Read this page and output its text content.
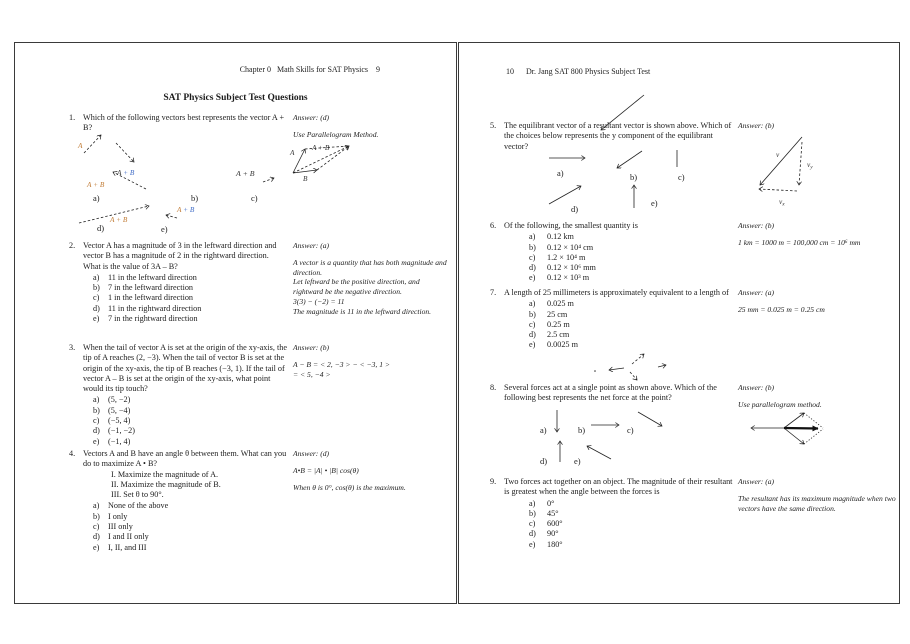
Chapter 0   Math Skills for SAT Physics    9
SAT Physics Subject Test Questions
1. Which of the following vectors best represents the vector A + B?
Answer: (d)
Use Parallelogram Method.
2. Vector A has a magnitude of 3 in the leftward direction and vector B has a magnitude of 2 in the rightward direction. What is the value of 3A – B?
a)	11 in the leftward direction
b) 7 in the leftward direction
c)	1 in the leftward direction
d) 11 in the rightward direction
e)	7 in the rightward direction
Answer: (a)
A vector is a quantity that has both magnitude and direction.
Let leftward be the positive direction, and rightward be the negative direction.
3(3) − (−2) = 11
The magnitude is 11 in the leftward direction.
3. When the tail of vector A is set at the origin of the xy-axis, the tip of A reaches (2, −3). When the tail of vector B is set at the origin of the xy-axis, the tip of B reaches (−3, 1). If the tail of vector A – B is set at the origin of the xy-axis, what point would its tip touch?
a)	(5, −2)
b) (5, −4)
c)	(−5, 4)
d) (−1, −2)
e)	(−1, 4)
Answer: (b)
A − B = < 2, −3 > − < −3, 1 >
= < 5, −4 >
4. Vectors A and B have an angle θ between them. What can you do to maximize A • B?
I. Maximize the magnitude of A.
II. Maximize the magnitude of B.
III. Set θ to 90°.
a)	None of the above
b) I only
c)	III only
d) I and II only
e)	I, II, and III
Answer: (d)
A•B = |A| • |B| cos(θ)
When θ is 0°, cos(θ) is the maximum.
A
A + B
A + B
A + B
A + B
A + B
a)	b)	c)
d)	e)
A
A + B
B
10      Dr. Jang SAT 800 Physics Subject Test
5. The equilibrant vector of a resultant vector is shown above. Which of the choices below represents the y component of the equilibrant vector?
Answer: (b)
6. Of the following, the smallest quantity is
a)	0.12 km
b)	0.12 × 10⁴ cm
c)	1.2 × 10⁴ m
d)	0.12 × 10⁶ mm
e)	0.12 × 10³ m
Answer: (b)
1 km = 1000 m = 100,000 cm = 10⁶ mm
7. A length of 25 millimeters is approximately equivalent to a length of
a)	0.025 m
b)	25 cm
c)	0.25 m
d)	2.5 cm
e)	0.0025 m
Answer: (a)
25 mm = 0.025 m = 0.25 cm
8. Several forces act at a single point as shown above. Which of the following best represents the net force at the point?
Answer: (b)
Use parallelogram method.
9. Two forces act together on an object. The magnitude of their resultant is greatest when the angle between the forces is
a)	0°
b)	45°
c)	600°
d)	90°
e)	180°
Answer: (a)
The resultant has its maximum magnitude when two vectors have the same direction.
a)	b)	c)
d)
e)
v
vy
vx
a)	b)	c)
d)	e)
